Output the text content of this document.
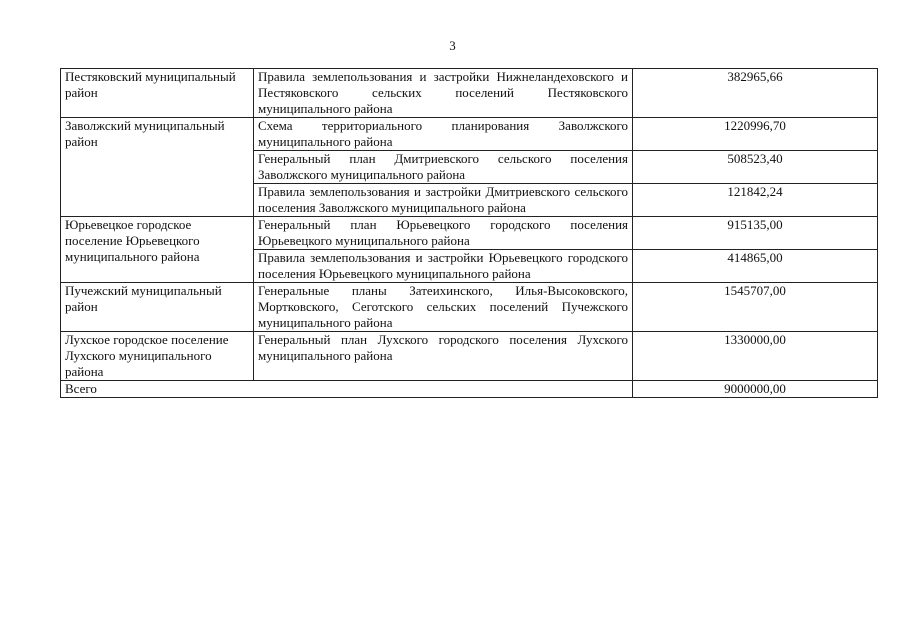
3
Пестяковский муниципальный район	Правила землепользования и застройки Нижнеландеховского и Пестяковского сельских поселений Пестяковского муниципального района	382965,66
Заволжский муниципальный район	Схема территориального планирования Заволжского муниципального района	1220996,70
	Генеральный план Дмитриевского сельского поселения Заволжского муниципального района	508523,40
	Правила землепользования и застройки Дмитриевского сельского поселения Заволжского муниципального района	121842,24
Юрьевецкое городское поселение Юрьевецкого муниципального района	Генеральный план Юрьевецкого городского поселения Юрьевецкого муниципального района	915135,00
	Правила землепользования и застройки Юрьевецкого городского поселения Юрьевецкого муниципального района	414865,00
Пучежский муниципальный район	Генеральные планы Затеихинского, Илья-Высоковского, Мортковского, Сеготского сельских поселений Пучежского муниципального района	1545707,00
Лухское городское поселение Лухского муниципального района	Генеральный план Лухского городского поселения Лухского муниципального района	1330000,00
Всего		9000000,00
